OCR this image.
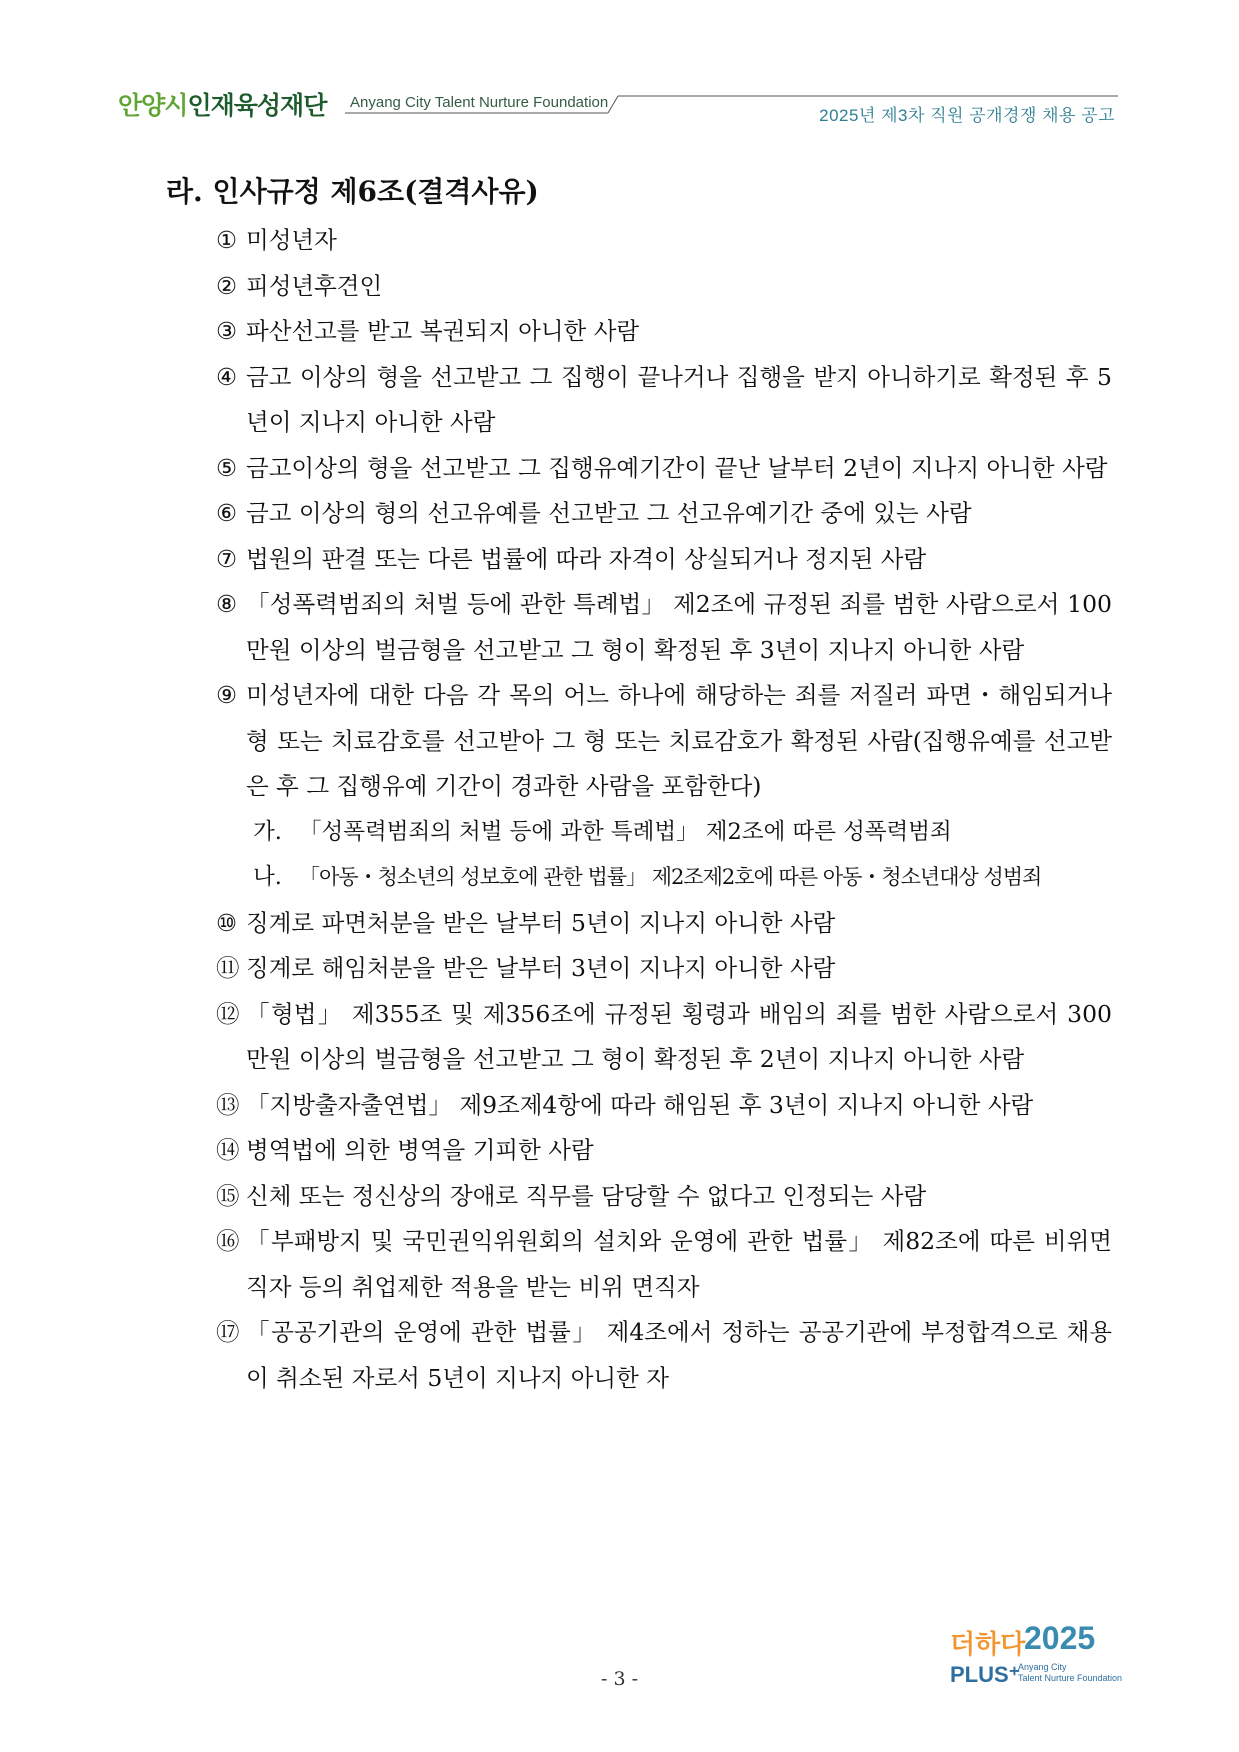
안양시인재육성재단 Anyang City Talent Nurture Foundation
2025년 제3차 직원 공개경쟁 채용 공고
라. 인사규정 제6조(결격사유)
① 미성년자
② 피성년후견인
③ 파산선고를 받고 복권되지 아니한 사람
④ 금고 이상의 형을 선고받고 그 집행이 끝나거나 집행을 받지 아니하기로 확정된 후 5년이 지나지 아니한 사람
⑤ 금고이상의 형을 선고받고 그 집행유예기간이 끝난 날부터 2년이 지나지 아니한 사람
⑥ 금고 이상의 형의 선고유예를 선고받고 그 선고유예기간 중에 있는 사람
⑦ 법원의 판결 또는 다른 법률에 따라 자격이 상실되거나 정지된 사람
⑧ 「성폭력범죄의 처벌 등에 관한 특례법」 제2조에 규정된 죄를 범한 사람으로서 100만원 이상의 벌금형을 선고받고 그 형이 확정된 후 3년이 지나지 아니한 사람
⑨ 미성년자에 대한 다음 각 목의 어느 하나에 해당하는 죄를 저질러 파면・해임되거나 형 또는 치료감호를 선고받아 그 형 또는 치료감호가 확정된 사람(집행유예를 선고받은 후 그 집행유예 기간이 경과한 사람을 포함한다)
가. 「성폭력범죄의 처벌 등에 과한 특례법」 제2조에 따른 성폭력범죄
나. 「아동・청소년의 성보호에 관한 법률」 제2조제2호에 따른 아동・청소년대상 성범죄
⑩ 징계로 파면처분을 받은 날부터 5년이 지나지 아니한 사람
⑪ 징계로 해임처분을 받은 날부터 3년이 지나지 아니한 사람
⑫ 「형법」 제355조 및 제356조에 규정된 횡령과 배임의 죄를 범한 사람으로서 300만원 이상의 벌금형을 선고받고 그 형이 확정된 후 2년이 지나지 아니한 사람
⑬ 「지방출자출연법」 제9조제4항에 따라 해임된 후 3년이 지나지 아니한 사람
⑭ 병역법에 의한 병역을 기피한 사람
⑮ 신체 또는 정신상의 장애로 직무를 담당할 수 없다고 인정되는 사람
⑯ 「부패방지 및 국민권익위원회의 설치와 운영에 관한 법률」 제82조에 따른 비위면직자 등의 취업제한 적용을 받는 비위 면직자
⑰ 「공공기관의 운영에 관한 법률」 제4조에서 정하는 공공기관에 부정합격으로 채용이 취소된 자로서 5년이 지나지 아니한 자
- 3 -
더하다
2025
PLUS⁺
Anyang City
Talent Nurture Foundation
